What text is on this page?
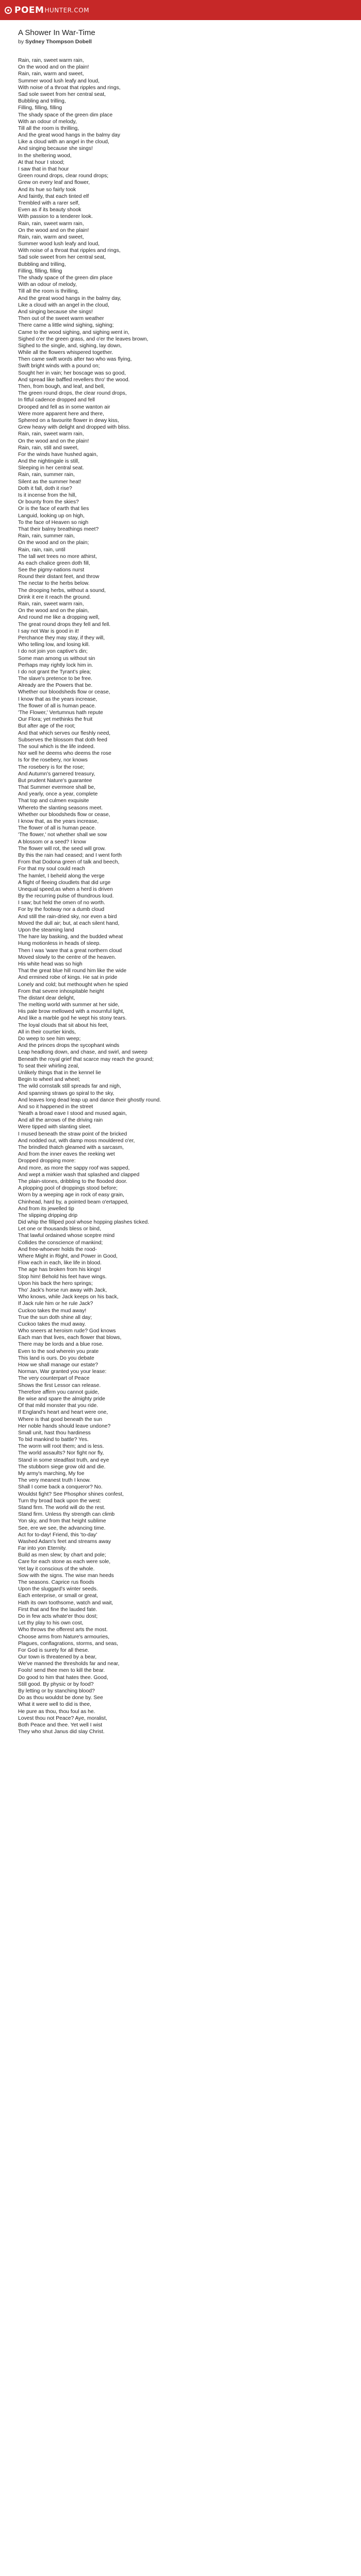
POEM HUNTER.COM
A Shower In War-Time

by Sydney Thompson Dobell

Rain, rain, sweet warm rain,
On the wood and on the plain!
Rain, rain, warm and sweet,
Summer wood lush leafy and loud,
With noise of a throat that ripples and rings,
Sad sole sweet from her central seat,
Bubbling and trilling,
Filling, filling, filling
The shady space of the green dim place
With an odour of melody,
Till all the room is thrilling,
And the great wood hangs in the balmy day
Like a cloud with an angel in the cloud,
And singing because she sings!
In the sheltering wood,
At that hour I stood;
I saw that in that hour
Green round drops, clear round drops;
Grew on every leaf and flower,
And its hue so fairly took
And faintly, that each tinted elf
Trembled with a rarer self,
Even as if its beauty shook
With passion to a tenderer look.
Rain, rain, sweet warm rain,
On the wood and on the plain!
Rain, rain, warm and sweet,
Summer wood lush leafy and loud,
With noise of a throat that ripples and rings,
Sad sole sweet from her central seat,
Bubbling and trilling,
Filling, filling, filling
The shady space of the green dim place
With an odour of melody,
Till all the room is thrilling,
And the great wood hangs in the balmy day,
Like a cloud with an angel in the cloud,
And singing because she sings!
Then out of the sweet warm weather
There came a little wind sighing, sighing;
Came to the wood sighing, and sighing went in,
Sighed o'er the green grass, and o'er the leaves brown,
Sighed to the single, and, sighing, lay down,
While all the flowers whispered together.
Then came swift words after two who was flying,
Swift bright winds with a pound on;
Sought her in vain; her boscage was so good,
And spread like baffled revellers thro' the wood.
Then, from bough, and leaf, and bell,
The green round drops, the clear round drops,
In fitful cadence dropped and fell
Drooped and fell as in some wanton air
Were more apparent here and there,
Sphered on a favourite flower in dewy kiss,
Grew heavy with delight and dropped with bliss.
Rain, rain, sweet warm rain,
On the wood and on the plain!
Rain, rain, still and sweet,
For the winds have hushed again,
And the nightingale is still,
Sleeping in her central seat.
Rain, rain, summer rain,
Silent as the summer heat!
Doth it fall, doth it rise?
Is it incense from the hill,
Or bounty from the skies?
Or is the face of earth that lies
Languid, looking up on high,
To the face of Heaven so nigh
That their balmy breathings meet?
Rain, rain, summer rain,
On the wood and on the plain;
Rain, rain, rain, until
The tall wet trees no more athirst,
As each chalice green doth fill,
See the pigmy-nations nurst
Round their distant feet, and throw
The nectar to the herbs below.
The drooping herbs, without a sound,
Drink it ere it reach the ground.
Rain, rain, sweet warm rain,
On the wood and on the plain,
And round me like a dropping well,
The great round drops they fell and fell.
I say not War is good in it!
Perchance they may stay, if they will,
Who telling low, and losing kill.
I do not join yon captive's din;
Some man among us without sin
Perhaps may rightly lock him in.
I do not grant the Tyrant's plea;
The slave's pretence to be free.
Already are the Powers that be.
Whether our bloodsheds flow or cease,
I know that as the years increase,
The flower of all is human peace.
'The Flower,' Vertumnus hath repute
Our Flora; yet methinks the fruit
But after age of the root;
And that which serves our fleshly need,
Subserves the blossom that doth feed
The soul which is the life indeed.
Nor well he deems who deems the rose
Is for the rosebery, nor knows
The rosebery is for the rose;
And Autumn's garnered treasury,
But prudent Nature's guarantee
That Summer evermore shall be,
And yearly, once a year, complete
That top and culmen exquisite
Whereto the slanting seasons meet.
Whether our bloodsheds flow or cease,
I know that, as the years increase,
The flower of all is human peace.
'The flower,' not whether shall we sow
A blossom or a seed? I know
The flower will rot, the seed will grow.
By this the rain had ceased; and I went forth
From that Dodona green of talk and beech,
For that my soul could reach
The hamlet, I beheld along the verge
A flight of fleeing cloudlets that did urge
Unequal speed,as when a herd is driven
By the recurring pulse of thundrous loud.
I saw; but held the omen of no worth.
For by the footway nor a dumb cloud
And still the rain-dried sky, nor even a bird
Moved the dull air; but, at each silent hand,
Upon the steaming land
The hare lay basking, and the budded wheat
Hung motionless in heads of sleep.
Then I was 'ware that a great northern cloud
Moved slowly to the centre of the heaven.
His white head was so high
That the great blue hill round him like the wide
And ermined robe of kings. He sat in pride
Lonely and cold; but methought when he spied
From that severe inhospitable height
The distant dear delight,
The melting world with summer at her side,
His pale brow mellowed with a mournful light,
And like a marble god he wept his stony tears.
The loyal clouds that sit about his feet,
All in their courtier kinds,
Do weep to see him weep;
And the princes drops the sycophant winds
Leap headlong down, and chase, and swirl, and sweep
Beneath the royal grief that scarce may reach the ground;
To seat their whirling zeal,
Unlikely things that in the kennel lie
Begin to wheel and wheel;
The wild cornstalk still spreads far and nigh,
And spanning straws go spiral to the sky,
And leaves long dead leap up and dance their ghostly round.
And so it happened in the street
'Neath a broad eave I stood and mused again,
And all the arrows of the driving rain
Were tipped with slanting sleet.
I mused beneath the straw point of the bricked
And nodded out, with damp moss mouldered o'er,
The brindled thatch gleamed with a sarcasm,
And from the inner eaves the reeking wet
Dropped dropping more:
And more, as more the sappy roof was sapped,
And wept a mirkier wash that splashed and clapped
The plain-stones, dribbling to the flooded door.
A plopping pool of droppings stood before;
Worn by a weeping age in rock of easy grain,
Chinhead, hard by, a pointed beam o'ertapped,
And from its jewelled tip
The slipping dripping drip
Did whip the filliped pool whose hopping plashes ticked.
Let one or thousands bless or bind,
That lawful ordained whose sceptre mind
Collides the conscience of mankind;
And free-whoever holds the rood-
Where Might in Right, and Power in Good,
Flow each in each, like life in blood.
The age has broken from his kings!
Stop him! Behold his feet have wings.
Upon his back the hero springs;
Tho' Jack's horse run away with Jack,
Who knows, while Jack keeps on his back,
If Jack rule him or he rule Jack?
Cuckoo takes the mud away!
True the sun doth shine all day;
Cuckoo takes the mud away.
Who sneers at heroism rude? God knows
Each man that lives, each flower that blows,
There may be lords and a blue rose.
Even to the sod wherein you prate
This land is ours. Do you debate
How we shall manage our estate?
Norman, War granted you your lease:
The very counterpart of Peace
Shows the first Lessor can release.
Therefore affirm you cannot guide,
Be wise and spare the almighty pride
Of that mild monster that you ride.
If England's heart and heart were one,
Where is that good beneath the sun
Her noble hands should leave undone?
Small unit, hast thou hardiness
To bid mankind to battle? Yes.
The worm will root them; and is less.
The world assaults? Nor fight nor fly,
Stand in some steadfast truth, and eye
The stubborn siege grow old and die.
My army's marching, My foe
The very meanest truth I know.
Shall I come back a conqueror? No.
Wouldst fight? See Phosphor shines confest,
Turn thy broad back upon the west:
Stand firm. The world will do the rest.
Stand firm. Unless thy strength can climb
Yon sky, and from that height sublime
See, ere we see, the advancing time.
Act for to-day! Friend, this 'to-day'
Washed Adam's feet and streams away
Far into yon Eternity.
Build as men slew; by chart and pole;
Care for each stone as each were sole,
Yet lay it conscious of the whole.
Sow with the signs. The wise man heeds
The seasons. Caprice rus floods
Upon the sluggard's winter seeds.
Each enterprise, or small or great,
Hath its own toothsome, watch and wait,
First that and fine the lauded fate.
Do in few acts whate'er thou dost;
Let thy play to his own cost,
Who throws the offerest arts the most.
Choose arms from Nature's armouries,
Plagues, conflagrations, storms, and seas,
For God is surety for all these.
Our town is threatened by a bear,
We've manned the thresholds far and near,
Fools! send thee men to kill the bear.
Do good to him that hates thee. Good,
Still good. By physic or by food?
By letting or by stanching blood?
Do as thou wouldst be done by. See
What it were well to did is thee,
He pure as thou, thou foul as he.
Lovest thou not Peace? Aye, moralist,
Both Peace and thee. Yet well I wist
They who shut Janus did slay Christ.
